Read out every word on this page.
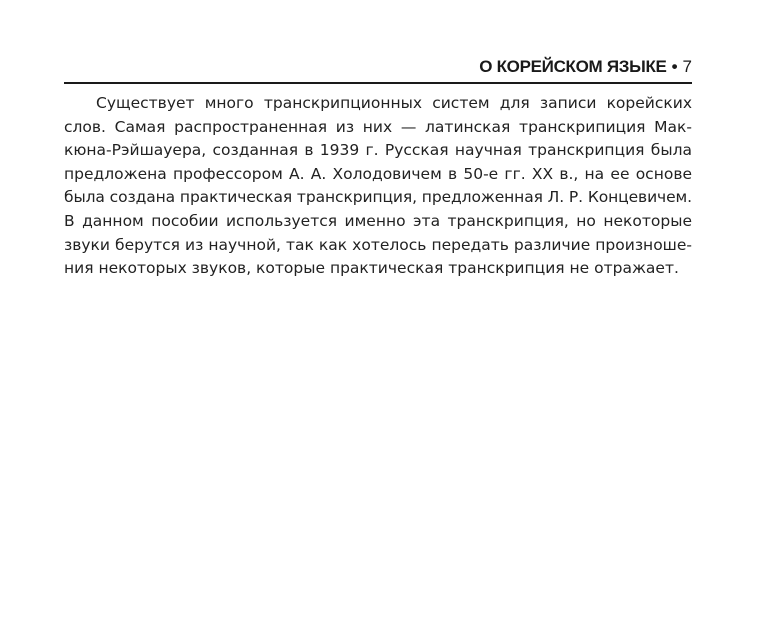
О КОРЕЙСКОМ ЯЗЫКЕ • 7
Существует много транскрипционных систем для записи корейских
слов. Самая распространенная из них — латинская транскрипиция Мак-
кюна-Рэйшауера, созданная в 1939 г. Русская научная транскрипция была
предложена профессором А. А. Холодовичем в 50-е гг. XX в., на ее основе
была создана практическая транскрипция, предложенная Л. Р. Концевичем.
В данном пособии используется именно эта транскрипция, но некоторые
звуки берутся из научной, так как хотелось передать различие произноше-
ния некоторых звуков, которые практическая транскрипция не отражает.
